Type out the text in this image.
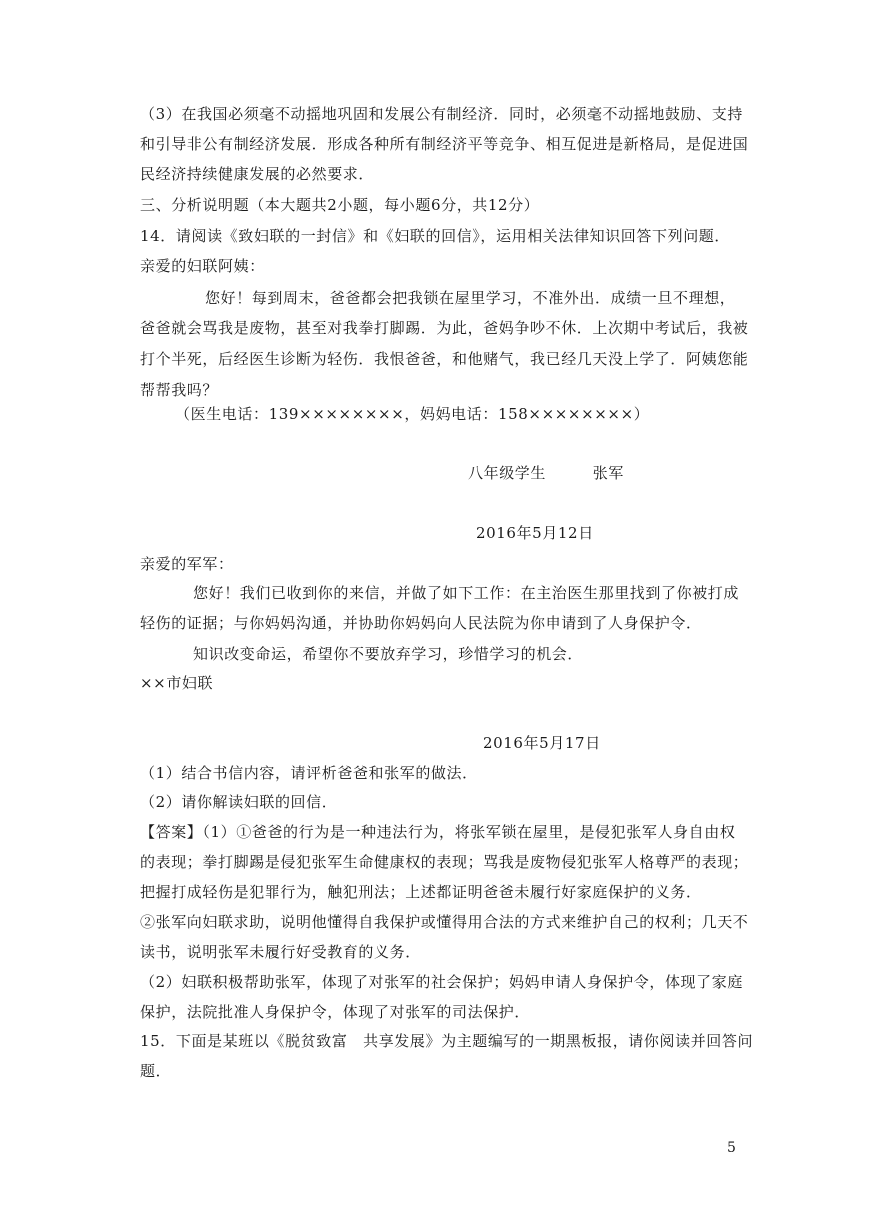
（3）在我国必须毫不动摇地巩固和发展公有制经济．同时，必须毫不动摇地鼓励、支持
和引导非公有制经济发展．形成各种所有制经济平等竞争、相互促进是新格局，是促进国
民经济持续健康发展的必然要求．
三、分析说明题（本大题共2小题，每小题6分，共12分）
14．请阅读《致妇联的一封信》和《妇联的回信》，运用相关法律知识回答下列问题．
亲爱的妇联阿姨：
您好！每到周末，爸爸都会把我锁在屋里学习，不准外出．成绩一旦不理想，
爸爸就会骂我是废物，甚至对我拳打脚踢．为此，爸妈争吵不休．上次期中考试后，我被
打个半死，后经医生诊断为轻伤．我恨爸爸，和他赌气，我已经几天没上学了．阿姨您能
帮帮我吗？
（医生电话：139××××××××，妈妈电话：158××××××××）
八年级学生　　　张军
2016年5月12日
亲爱的军军：
您好！我们已收到你的来信，并做了如下工作：在主治医生那里找到了你被打成
轻伤的证据；与你妈妈沟通，并协助你妈妈向人民法院为你申请到了人身保护令．
知识改变命运，希望你不要放弃学习，珍惜学习的机会．
××市妇联
2016年5月17日
（1）结合书信内容，请评析爸爸和张军的做法．
（2）请你解读妇联的回信．
【答案】（1）①爸爸的行为是一种违法行为，将张军锁在屋里，是侵犯张军人身自由权
的表现；拳打脚踢是侵犯张军生命健康权的表现；骂我是废物侵犯张军人格尊严的表现；
把握打成轻伤是犯罪行为，触犯刑法；上述都证明爸爸未履行好家庭保护的义务．
②张军向妇联求助，说明他懂得自我保护或懂得用合法的方式来维护自己的权利；几天不
读书，说明张军未履行好受教育的义务．
（2）妇联积极帮助张军，体现了对张军的社会保护；妈妈申请人身保护令，体现了家庭
保护，法院批准人身保护令，体现了对张军的司法保护．
15．下面是某班以《脱贫致富　共享发展》为主题编写的一期黑板报，请你阅读并回答问
题．
5
